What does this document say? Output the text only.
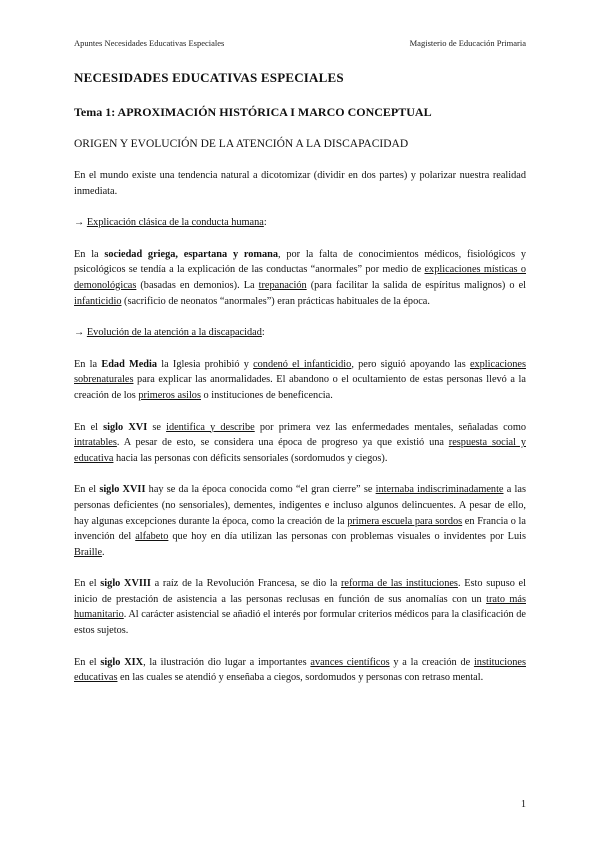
Apuntes Necesidades Educativas Especiales	Magisterio de Educación Primaria
NECESIDADES EDUCATIVAS ESPECIALES
Tema 1: APROXIMACIÓN HISTÓRICA I MARCO CONCEPTUAL
ORIGEN Y EVOLUCIÓN DE LA ATENCIÓN A LA DISCAPACIDAD

En el mundo existe una tendencia natural a dicotomizar (dividir en dos partes) y polarizar nuestra realidad inmediata.

→ Explicación clásica de la conducta humana:

En la sociedad griega, espartana y romana, por la falta de conocimientos médicos, fisiológicos y psicológicos se tendía a la explicación de las conductas “anormales” por medio de explicaciones místicas o demonológicas (basadas en demonios). La trepanación (para facilitar la salida de espíritus malignos) o el infanticidio (sacrificio de neonatos “anormales”) eran prácticas habituales de la época.

→ Evolución de la atención a la discapacidad:

En la Edad Media la Iglesia prohibió y condenó el infanticidio, pero siguió apoyando las explicaciones sobrenaturales para explicar las anormalidades. El abandono o el ocultamiento de estas personas llevó a la creación de los primeros asilos o instituciones de beneficencia.

En el siglo XVI se identifica y describe por primera vez las enfermedades mentales, señaladas como intratables. A pesar de esto, se considera una época de progreso ya que existió una respuesta social y educativa hacia las personas con déficits sensoriales (sordomudos y ciegos).

En el siglo XVII hay se da la época conocida como “el gran cierre” se internaba indiscriminadamente a las personas deficientes (no sensoriales), dementes, indigentes e incluso algunos delincuentes. A pesar de ello, hay algunas excepciones durante la época, como la creación de la primera escuela para sordos en Francia o la invención del alfabeto que hoy en día utilizan las personas con problemas visuales o invidentes por Luis Braille.

En el siglo XVIII a raíz de la Revolución Francesa, se dio la reforma de las instituciones. Esto supuso el inicio de prestación de asistencia a las personas reclusas en función de sus anomalías con un trato más humanitario. Al carácter asistencial se añadió el interés por formular criterios médicos para la clasificación de estos sujetos.

En el siglo XIX, la ilustración dio lugar a importantes avances científicos y a la creación de instituciones educativas en las cuales se atendió y enseñaba a ciegos, sordomudos y personas con retraso mental.

1
